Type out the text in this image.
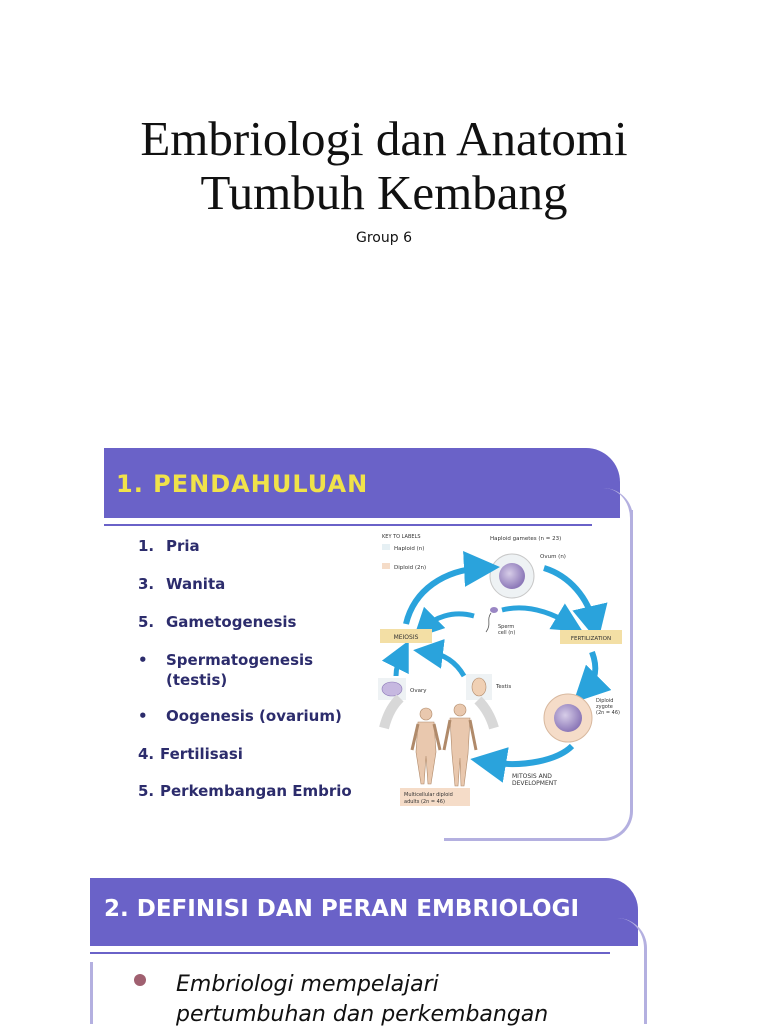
Embriologi dan Anatomi
Tumbuh Kembang
Group 6
1. PENDAHULUAN
1. Pria
3. Wanita
5. Gametogenesis
• Spermatogenesis
(testis)
• Oogenesis (ovarium)
4. Fertilisasi
5. Perkembangan Embrio
KEY TO LABELS
Haploid (n)
Diploid (2n)
Haploid gametes (n = 23)
Ovum (n)
Sperm
cell (n)
MEIOSIS	FERTILIZATION
Ovary
Testis
Diploid
zygote
(2n = 46)
MITOSIS AND
DEVELOPMENT
Multicellular diploid
adults (2n = 46)
2. DEFINISI DAN PERAN EMBRIOLOGI
Embriologi mempelajari
pertumbuhan dan perkembangan
